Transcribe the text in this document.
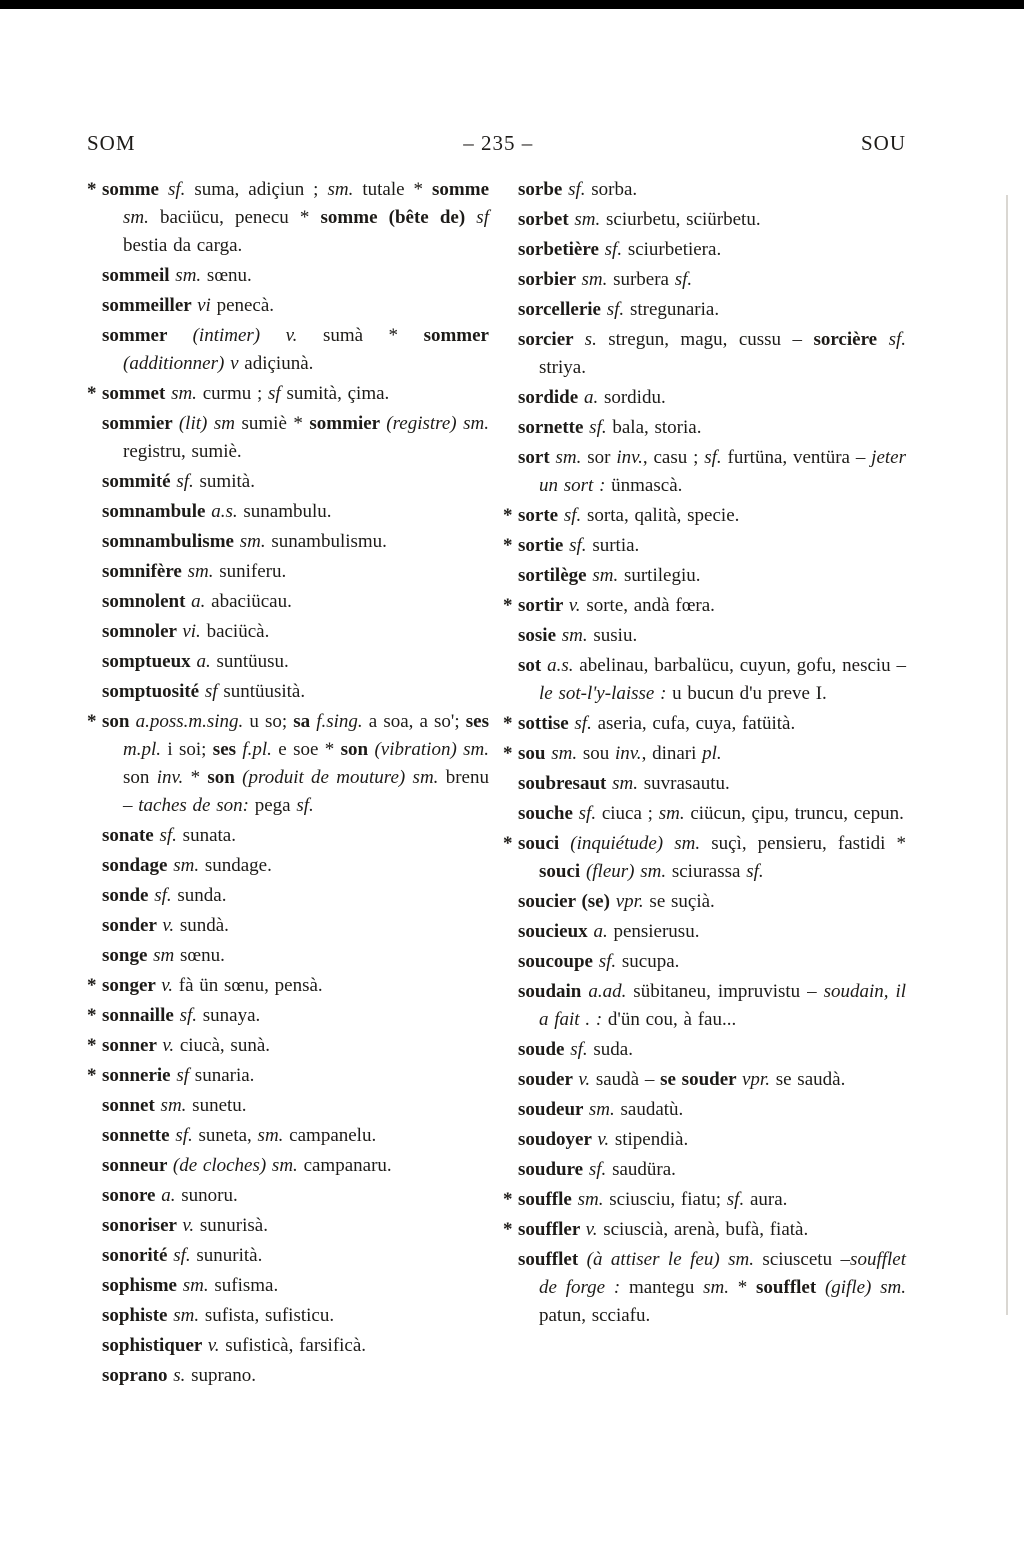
SOM	– 235 –	SOU

* somme sf. suma, adiçiun ; sm. tutale * somme sm. baciücu, penecu * somme (bête de) sf bestia da carga.

sommeil sm. sœnu.

sommeiller vi penecà.

sommer (intimer) v. sumà * sommer (additionner) v adiçiunà.

* sommet sm. curmu ; sf sumità, çima.

sommier (lit) sm sumiè * sommier (registre) sm. registru, sumiè.

sommité sf. sumità.

somnambule a.s. sunambulu.

somnambulisme sm. sunambulismu.

somnifère sm. suniferu.

somnolent a. abaciücau.

somnoler vi. baciücà.

somptueux a. suntüusu.

somptuosité sf suntüusità.

* son a.poss.m.sing. u so; sa f.sing. a soa, a so'; ses m.pl. i soi; ses f.pl. e soe * son (vibration) sm. son inv. * son (produit de mouture) sm. brenu – taches de son: pega sf.

sonate sf. sunata.

sondage sm. sundage.

sonde sf. sunda.

sonder v. sundà.

songe sm sœnu.

* songer v. fà ün sœnu, pensà.

* sonnaille sf. sunaya.

* sonner v. ciucà, sunà.

* sonnerie sf sunaria.

sonnet sm. sunetu.

sonnette sf. suneta, sm. campanelu.

sonneur (de cloches) sm. campanaru.

sonore a. sunoru.

sonoriser v. sunurisà.

sonorité sf. sunurità.

sophisme sm. sufisma.

sophiste sm. sufista, sufisticu.

sophistiquer v. sufisticà, farsificà.

soprano s. suprano.

sorbe sf. sorba.

sorbet sm. sciurbetu, sciürbetu.

sorbetière sf. sciurbetiera.

sorbier sm. surbera sf.

sorcellerie sf. stregunaria.

sorcier s. stregun, magu, cussu – sorcière sf. striya.

sordide a. sordidu.

sornette sf. bala, storia.

sort sm. sor inv., casu ; sf. furtüna, ventüra – jeter un sort : ünmascà.

* sorte sf. sorta, qalità, specie.

* sortie sf. surtia.

sortilège sm. surtilegiu.

* sortir v. sorte, andà fœra.

sosie sm. susiu.

sot a.s. abelinau, barbalücu, cuyun, gofu, nesciu – le sot-l'y-laisse : u bucun d'u preve I.

* sottise sf. aseria, cufa, cuya, fatüità.

* sou sm. sou inv., dinari pl.

soubresaut sm. suvrasautu.

souche sf. ciuca ; sm. ciücun, çipu, truncu, cepun.

* souci (inquiétude) sm. suçì, pensieru, fastidi * souci (fleur) sm. sciurassa sf.

soucier (se) vpr. se suçià.

soucieux a. pensierusu.

soucoupe sf. sucupa.

soudain a.ad. sübitaneu, impruvistu – soudain, il a fait . : d'ün cou, à fau...

soude sf. suda.

souder v. saudà – se souder vpr. se saudà.

soudeur sm. saudatù.

soudoyer v. stipendià.

soudure sf. saudüra.

* souffle sm. sciusciu, fiatu; sf. aura.

* souffler v. sciuscià, arenà, bufà, fiatà.

soufflet (à attiser le feu) sm. sciuscetu –soufflet de forge : mantegu sm. * soufflet (gifle) sm. patun, scciafu.
